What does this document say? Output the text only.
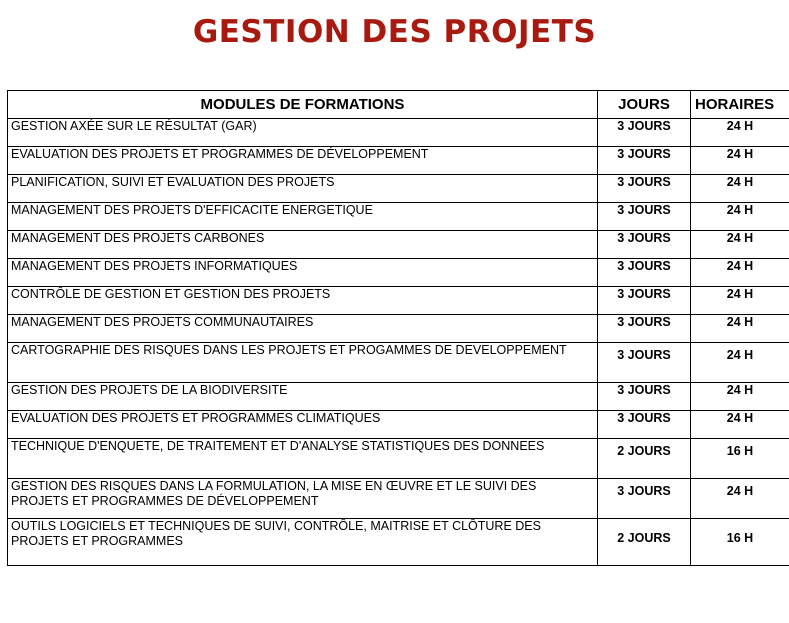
GESTION DES PROJETS
MODULES DE FORMATIONS	JOURS	HORAIRES
GESTION AXÉE SUR LE RÉSULTAT (GAR)	3 JOURS	24 H
EVALUATION DES PROJETS ET PROGRAMMES DE DÉVELOPPEMENT	3 JOURS	24 H
PLANIFICATION, SUIVI ET EVALUATION DES PROJETS	3 JOURS	24 H
MANAGEMENT DES PROJETS D'EFFICACITE ENERGETIQUE	3 JOURS	24 H
MANAGEMENT DES PROJETS CARBONES	3 JOURS	24 H
MANAGEMENT DES PROJETS INFORMATIQUES	3 JOURS	24 H
CONTRÔLE DE GESTION ET GESTION DES PROJETS	3 JOURS	24 H
MANAGEMENT DES PROJETS COMMUNAUTAIRES	3 JOURS	24 H
CARTOGRAPHIE DES RISQUES DANS LES PROJETS ET PROGAMMES DE DEVELOPPEMENT	3 JOURS	24 H
GESTION DES PROJETS DE LA BIODIVERSITE	3 JOURS	24 H
EVALUATION DES PROJETS ET PROGRAMMES CLIMATIQUES	3 JOURS	24 H
TECHNIQUE D'ENQUETE, DE TRAITEMENT ET D'ANALYSE STATISTIQUES DES DONNEES	2 JOURS	16 H
GESTION DES RISQUES DANS LA FORMULATION, LA MISE EN ŒUVRE ET LE SUIVI DES PROJETS ET PROGRAMMES DE DÉVELOPPEMENT	3 JOURS	24 H
OUTILS LOGICIELS ET TECHNIQUES DE SUIVI, CONTRÔLE, MAITRISE ET CLÔTURE DES PROJETS ET PROGRAMMES	2 JOURS	16 H
